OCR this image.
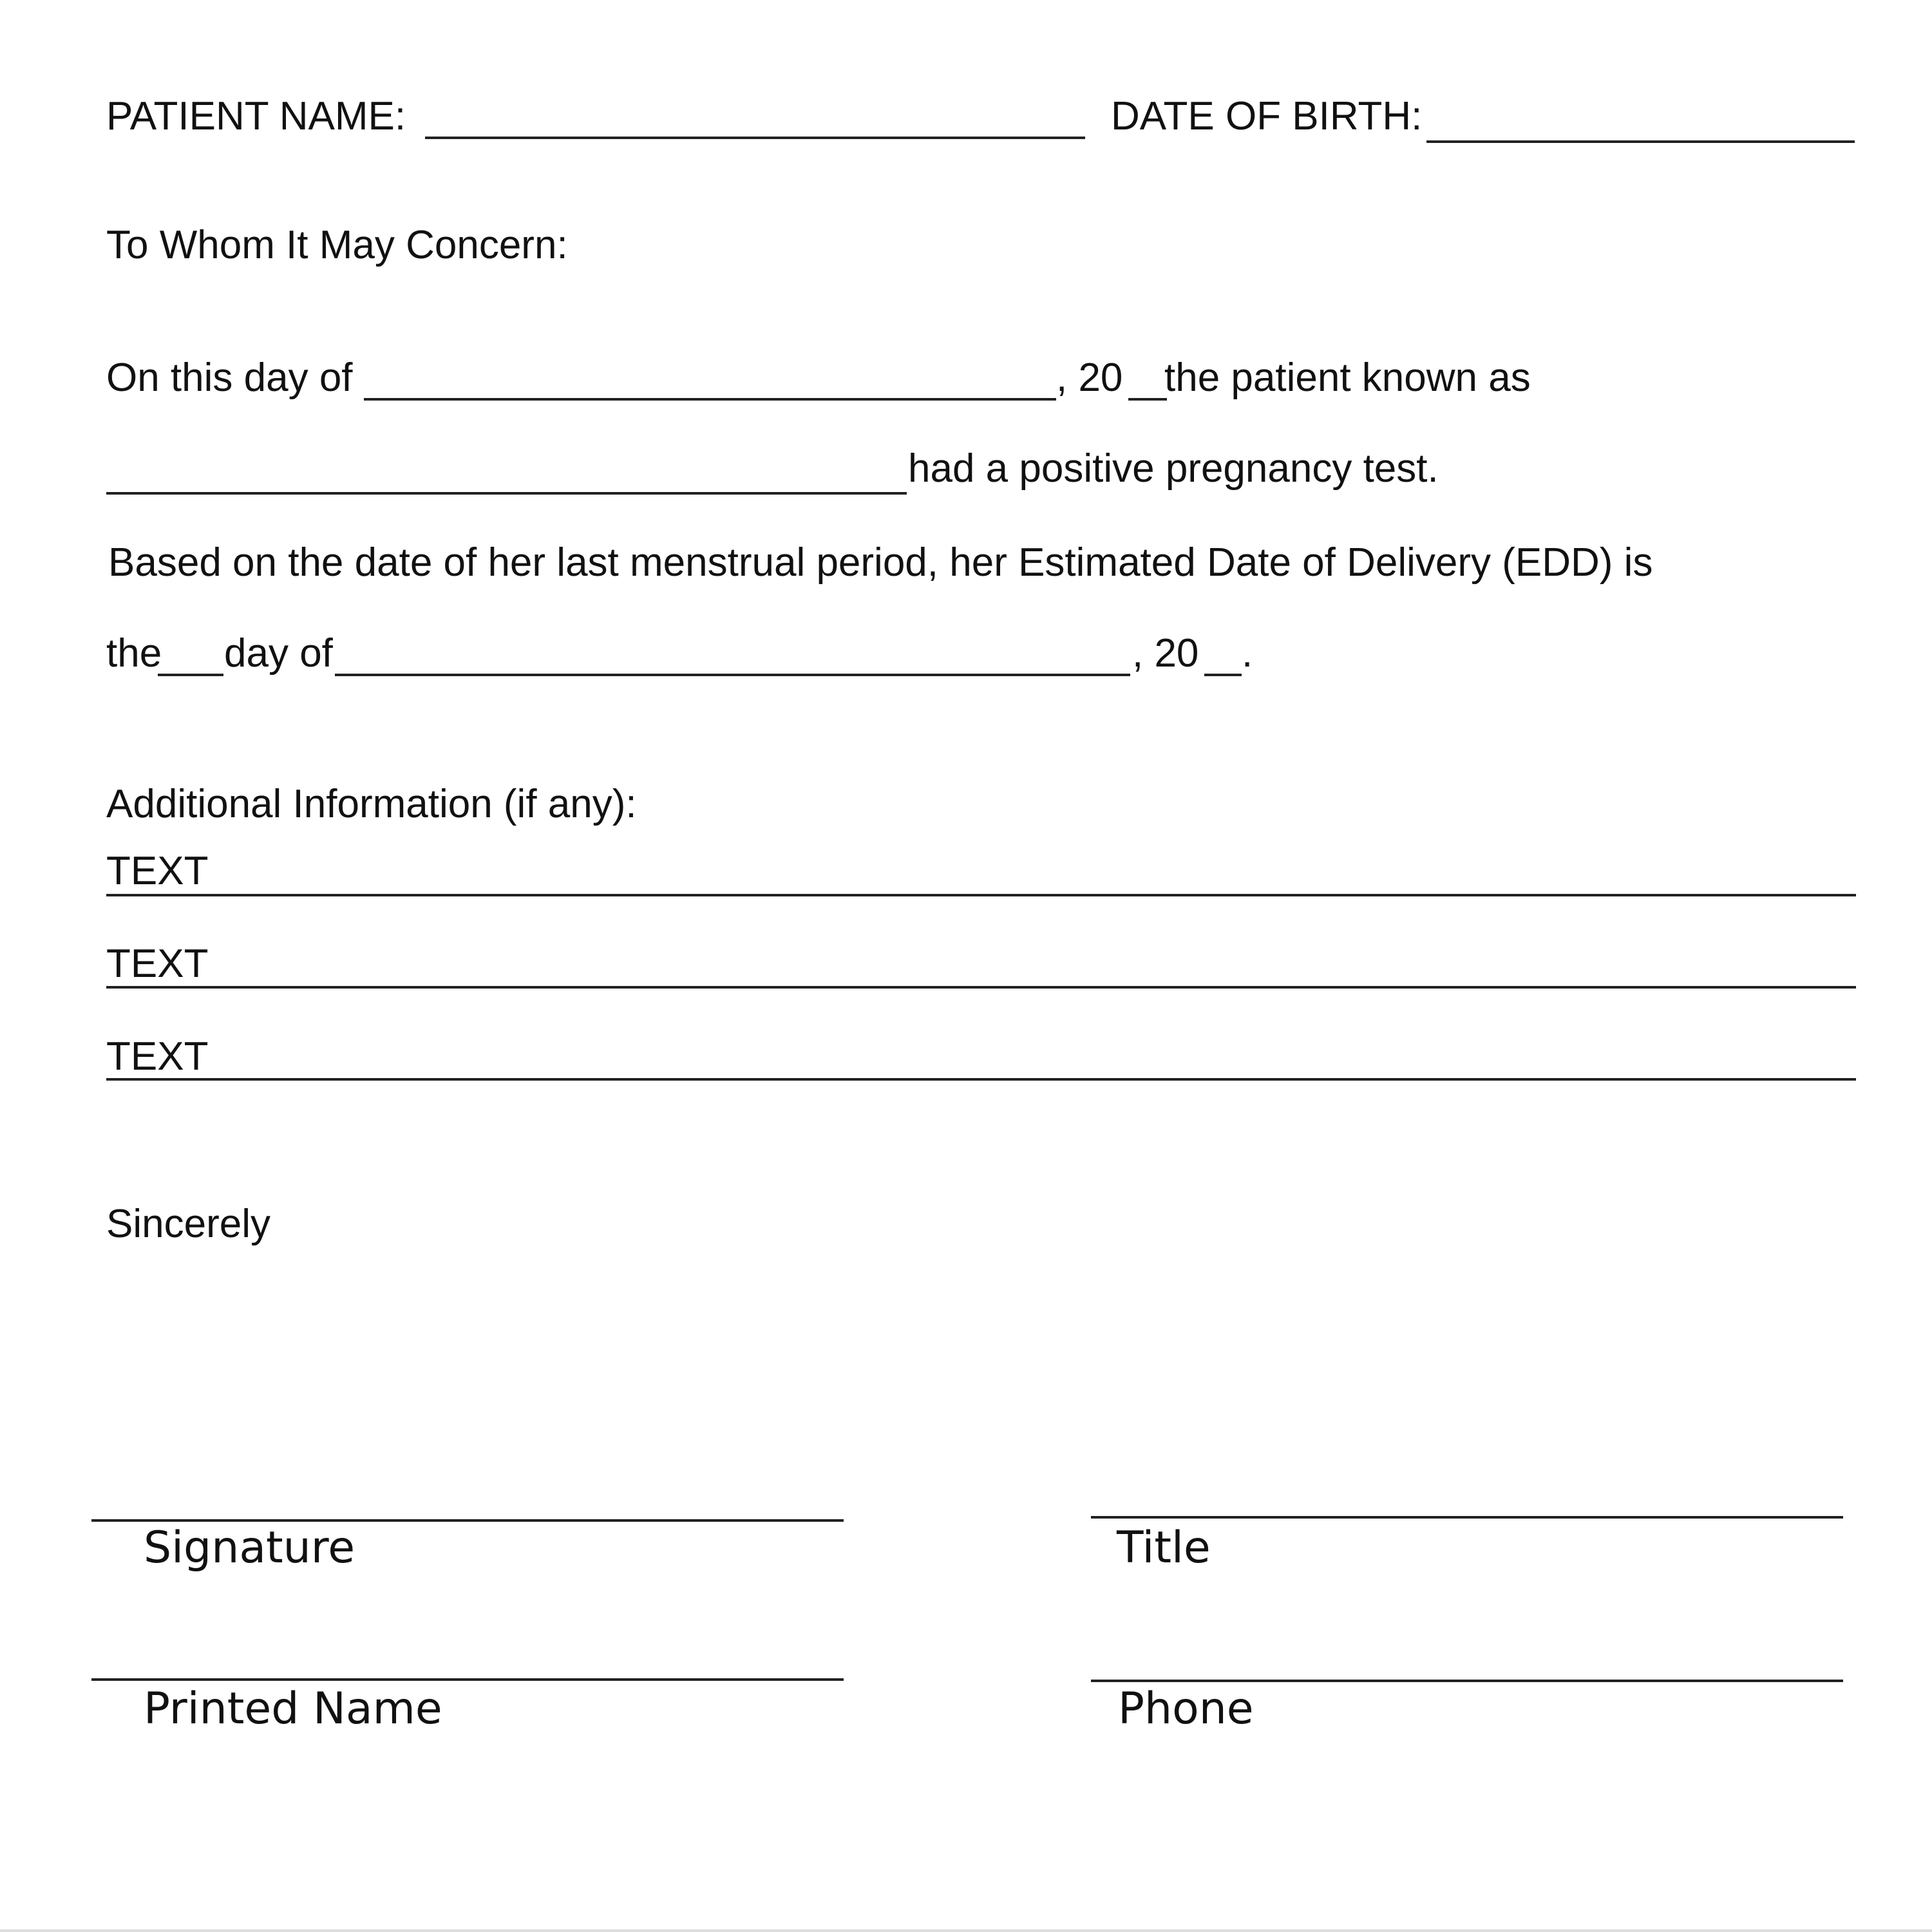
PATIENT NAME:	DATE OF BIRTH:
To Whom It May Concern:
On this day of	, 20 the patient known as
had a positive pregnancy test.
Based on the date of her last menstrual period, her Estimated Date of Delivery (EDD) is
the day of	, 20 .
Additional Information (if any):
TEXT
TEXT
TEXT
Sincerely
Signature	Title
Printed Name	Phone
